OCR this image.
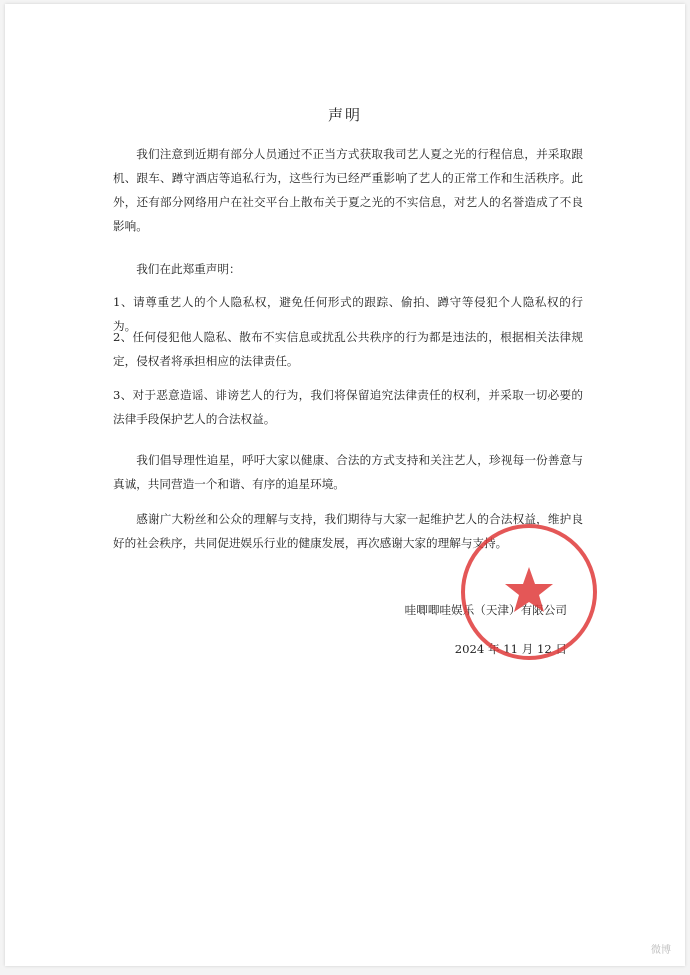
声明

我们注意到近期有部分人员通过不正当方式获取我司艺人夏之光的行程信息，并采取跟机、跟车、蹲守酒店等追私行为，这些行为已经严重影响了艺人的正常工作和生活秩序。此外，还有部分网络用户在社交平台上散布关于夏之光的不实信息，对艺人的名誉造成了不良影响。

我们在此郑重声明：

1、请尊重艺人的个人隐私权，避免任何形式的跟踪、偷拍、蹲守等侵犯个人隐私权的行为。

2、任何侵犯他人隐私、散布不实信息或扰乱公共秩序的行为都是违法的，根据相关法律规定，侵权者将承担相应的法律责任。

3、对于恶意造谣、诽谤艺人的行为，我们将保留追究法律责任的权利，并采取一切必要的法律手段保护艺人的合法权益。

我们倡导理性追星，呼吁大家以健康、合法的方式支持和关注艺人，珍视每一份善意与真诚，共同营造一个和谐、有序的追星环境。

感谢广大粉丝和公众的理解与支持，我们期待与大家一起维护艺人的合法权益，维护良好的社会秩序，共同促进娱乐行业的健康发展，再次感谢大家的理解与支持。

哇唧唧哇娱乐（天津）有限公司
2024 年 11 月 12 日
微博
